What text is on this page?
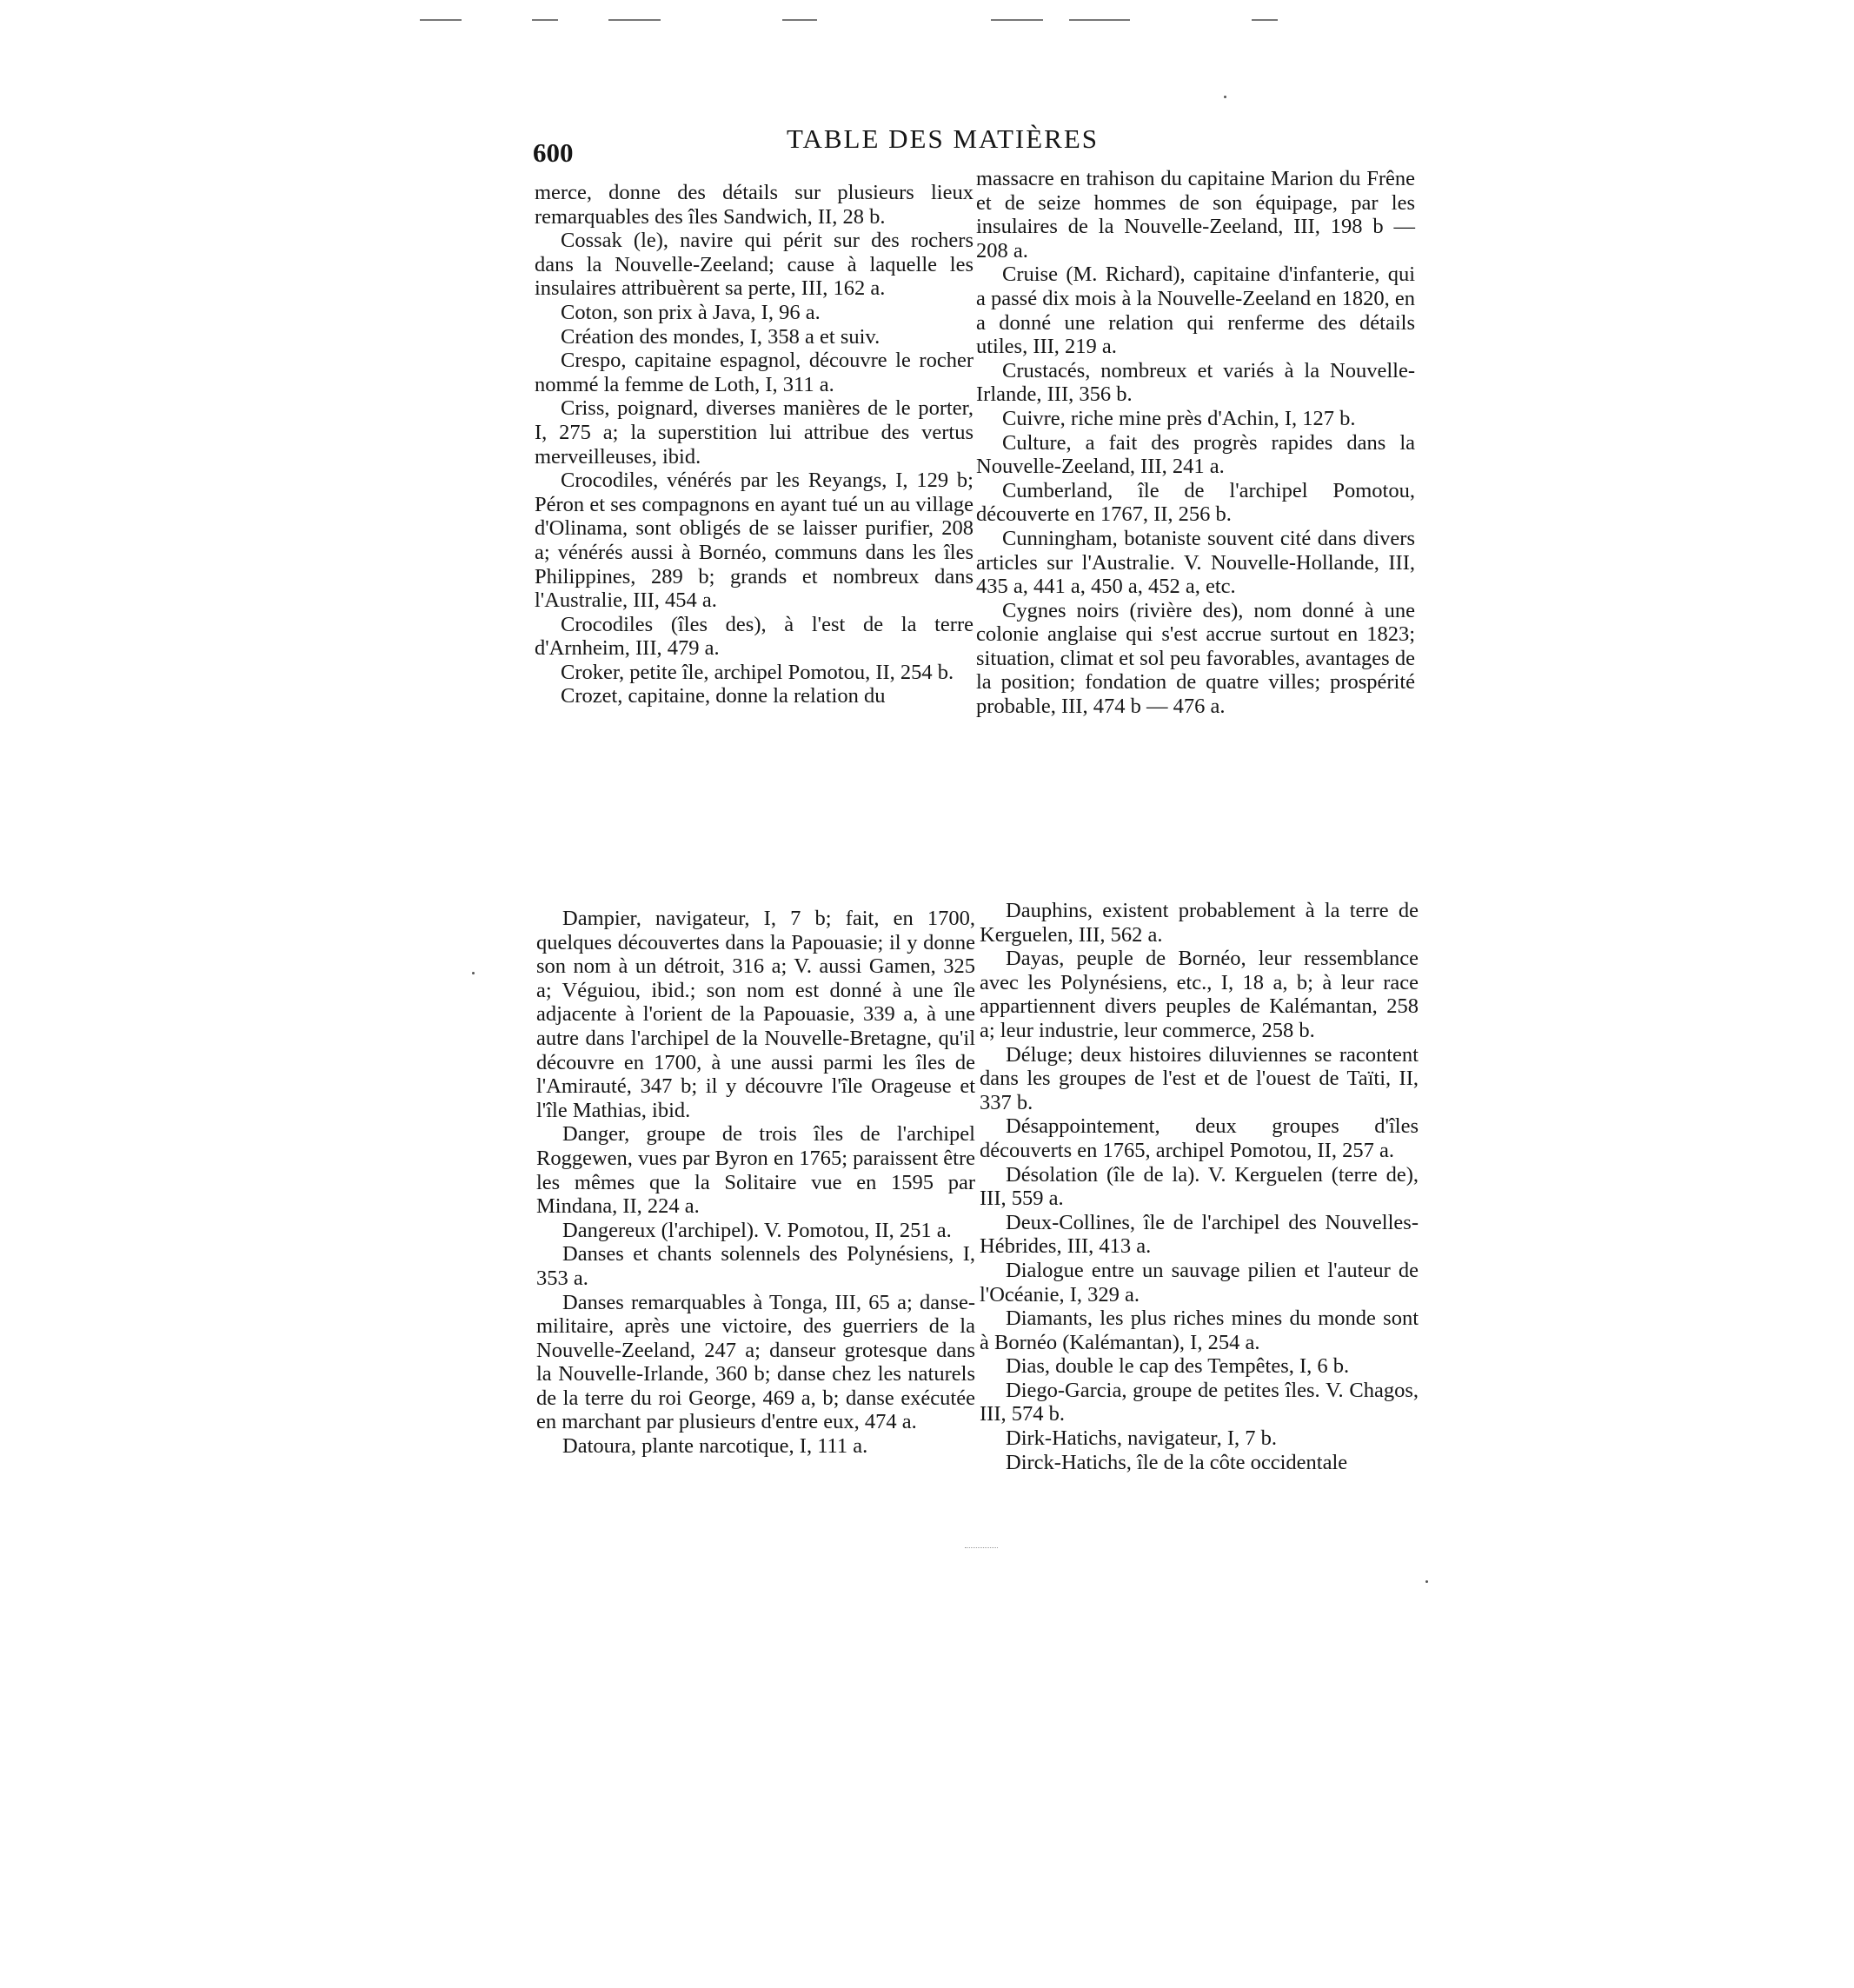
600	TABLE DES MATIÈRES

merce, donne des détails sur plusieurs lieux remarquables des îles Sandwich, II, 28 b.

Cossak (le), navire qui périt sur des rochers dans la Nouvelle-Zeeland; cause à laquelle les insulaires attribuèrent sa perte, III, 162 a.

Coton, son prix à Java, I, 96 a.

Création des mondes, I, 358 a et suiv.

Crespo, capitaine espagnol, découvre le rocher nommé la femme de Loth, I, 311 a.

Criss, poignard, diverses manières de le porter, I, 275 a; la superstition lui attribue des vertus merveilleuses, ibid.

Crocodiles, vénérés par les Reyangs, I, 129 b; Péron et ses compagnons en ayant tué un au village d'Olinama, sont obligés de se laisser purifier, 208 a; vénérés aussi à Bornéo, communs dans les îles Philippines, 289 b; grands et nombreux dans l'Australie, III, 454 a.

Crocodiles (îles des), à l'est de la terre d'Arnheim, III, 479 a.

Croker, petite île, archipel Pomotou, II, 254 b.

Crozet, capitaine, donne la relation du

massacre en trahison du capitaine Marion du Frêne et de seize hommes de son équipage, par les insulaires de la Nouvelle-Zeeland, III, 198 b — 208 a.

Cruise (M. Richard), capitaine d'infanterie, qui a passé dix mois à la Nouvelle-Zeeland en 1820, en a donné une relation qui renferme des détails utiles, III, 219 a.

Crustacés, nombreux et variés à la Nouvelle-Irlande, III, 356 b.

Cuivre, riche mine près d'Achin, I, 127 b.

Culture, a fait des progrès rapides dans la Nouvelle-Zeeland, III, 241 a.

Cumberland, île de l'archipel Pomotou, découverte en 1767, II, 256 b.

Cunningham, botaniste souvent cité dans divers articles sur l'Australie. V. Nouvelle-Hollande, III, 435 a, 441 a, 450 a, 452 a, etc.

Cygnes noirs (rivière des), nom donné à une colonie anglaise qui s'est accrue surtout en 1823; situation, climat et sol peu favorables, avantages de la position; fondation de quatre villes; prospérité probable, III, 474 b — 476 a.

Dampier, navigateur, I, 7 b; fait, en 1700, quelques découvertes dans la Papouasie; il y donne son nom à un détroit, 316 a; V. aussi Gamen, 325 a; Véguiou, ibid.; son nom est donné à une île adjacente à l'orient de la Papouasie, 339 a, à une autre dans l'archipel de la Nouvelle-Bretagne, qu'il découvre en 1700, à une aussi parmi les îles de l'Amirauté, 347 b; il y découvre l'île Orageuse et l'île Mathias, ibid.

Danger, groupe de trois îles de l'archipel Roggewen, vues par Byron en 1765; paraissent être les mêmes que la Solitaire vue en 1595 par Mindana, II, 224 a.

Dangereux (l'archipel). V. Pomotou, II, 251 a.

Danses et chants solennels des Polynésiens, I, 353 a.

Danses remarquables à Tonga, III, 65 a; danse-militaire, après une victoire, des guerriers de la Nouvelle-Zeeland, 247 a; danseur grotesque dans la Nouvelle-Irlande, 360 b; danse chez les naturels de la terre du roi George, 469 a, b; danse exécutée en marchant par plusieurs d'entre eux, 474 a.

Datoura, plante narcotique, I, 111 a.

Dauphins, existent probablement à la terre de Kerguelen, III, 562 a.

Dayas, peuple de Bornéo, leur ressemblance avec les Polynésiens, etc., I, 18 a, b; à leur race appartiennent divers peuples de Kalémantan, 258 a; leur industrie, leur commerce, 258 b.

Déluge; deux histoires diluviennes se racontent dans les groupes de l'est et de l'ouest de Taïti, II, 337 b.

Désappointement, deux groupes d'îles découverts en 1765, archipel Pomotou, II, 257 a.

Désolation (île de la). V. Kerguelen (terre de), III, 559 a.

Deux-Collines, île de l'archipel des Nouvelles-Hébrides, III, 413 a.

Dialogue entre un sauvage pilien et l'auteur de l'Océanie, I, 329 a.

Diamants, les plus riches mines du monde sont à Bornéo (Kalémantan), I, 254 a.

Dias, double le cap des Tempêtes, I, 6 b.

Diego-Garcia, groupe de petites îles. V. Chagos, III, 574 b.

Dirk-Hatichs, navigateur, I, 7 b.

Dirck-Hatichs, île de la côte occidentale
